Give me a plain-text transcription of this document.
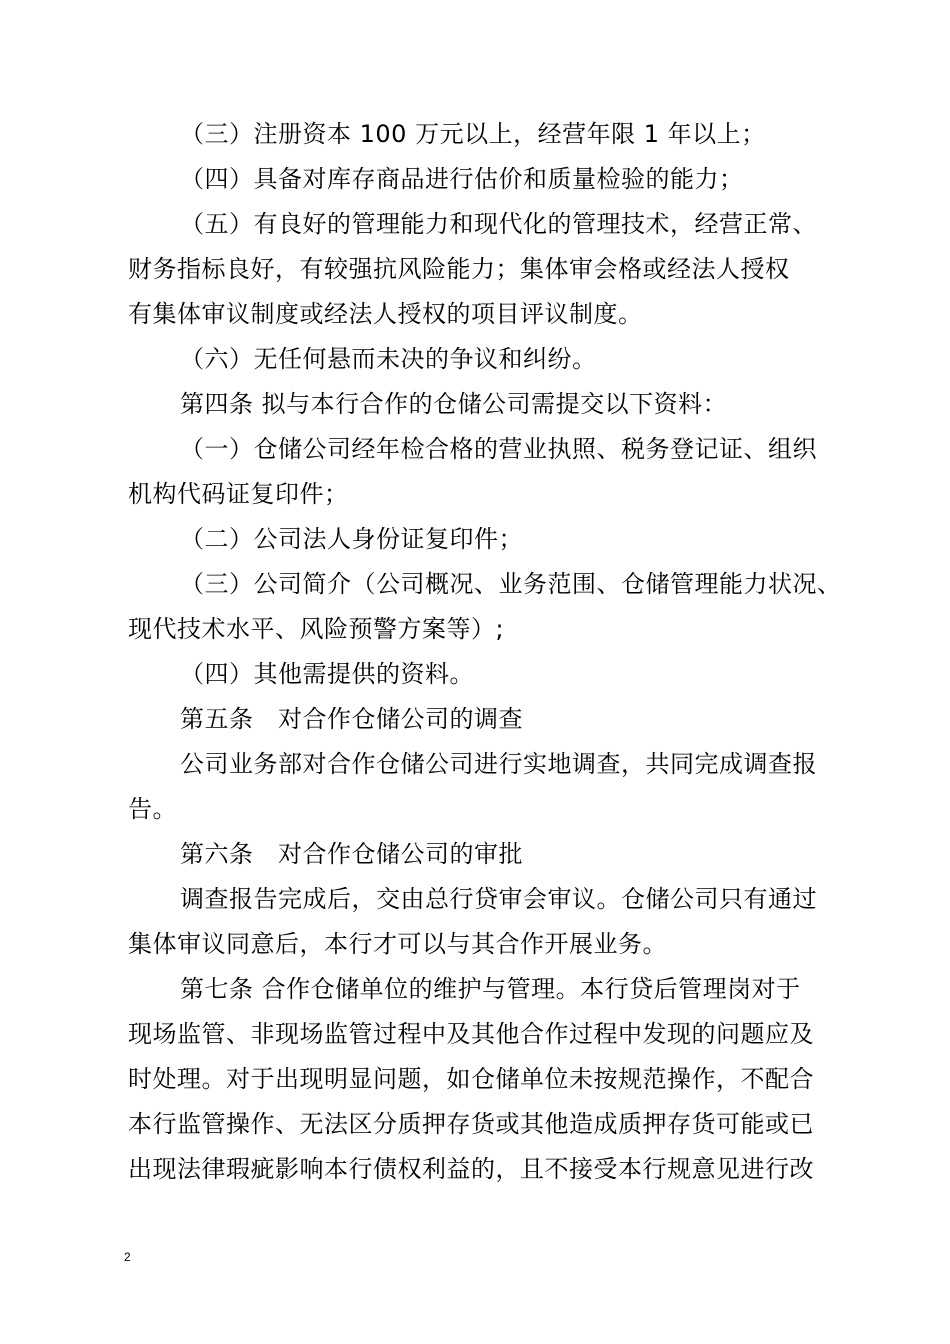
（三）注册资本 100 万元以上，经营年限 1 年以上；
（四）具备对库存商品进行估价和质量检验的能力；
（五）有良好的管理能力和现代化的管理技术，经营正常、
财务指标良好，有较强抗风险能力；集体审会格或经法人授权
有集体审议制度或经法人授权的项目评议制度。
（六）无任何悬而未决的争议和纠纷。
第四条 拟与本行合作的仓储公司需提交以下资料：
（一）仓储公司经年检合格的营业执照、税务登记证、组织
机构代码证复印件；
（二）公司法人身份证复印件；
（三）公司简介（公司概况、业务范围、仓储管理能力状况、
现代技术水平、风险预警方案等）;
（四）其他需提供的资料。
第五条　对合作仓储公司的调查
公司业务部对合作仓储公司进行实地调查，共同完成调查报
告。
第六条　对合作仓储公司的审批
调查报告完成后，交由总行贷审会审议。仓储公司只有通过
集体审议同意后，本行才可以与其合作开展业务。
第七条 合作仓储单位的维护与管理。本行贷后管理岗对于
现场监管、非现场监管过程中及其他合作过程中发现的问题应及
时处理。对于出现明显问题，如仓储单位未按规范操作，不配合
本行监管操作、无法区分质押存货或其他造成质押存货可能或已
出现法律瑕疵影响本行债权利益的，且不接受本行规意见进行改
2
